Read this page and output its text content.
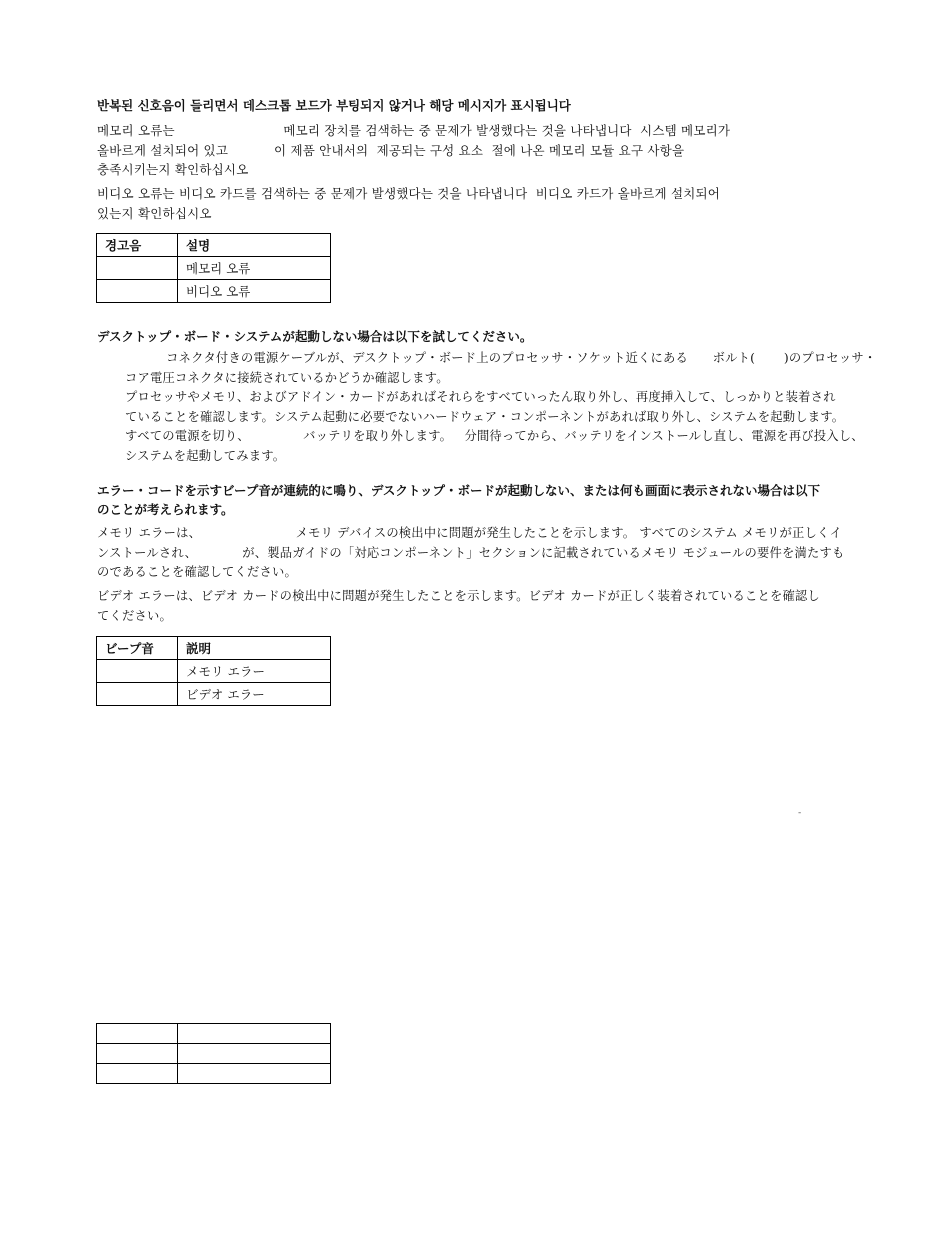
반복된 신호음이 들리면서 데스크톱 보드가 부팅되지 않거나 해당 메시지가 표시됩니다
메모리 오류는                          메모리 장치를 검색하는 중 문제가 발생했다는 것을 나타냅니다  시스템 메모리가
올바르게 설치되어 있고           이 제품 안내서의  제공되는 구성 요소  절에 나온 메모리 모듈 요구 사항을
충족시키는지 확인하십시오
비디오 오류는 비디오 카드를 검색하는 중 문제가 발생했다는 것을 나타냅니다  비디오 카드가 올바르게 설치되어
있는지 확인하십시오
경고음	설명
	메모리 오류
	비디오 오류
デスクトップ・ボード・システムが起動しない場合は以下を試してください。
コネクタ付きの電源ケーブルが、デスクトップ・ボード上のプロセッサ・ソケット近くにある      ボルト(       )のプロセッサ・
コア電圧コネクタに接続されているかどうか確認します。
プロセッサやメモリ、およびアドイン・カードがあればそれらをすべていったん取り外し、再度挿入して、しっかりと装着され
ていることを確認します。システム起動に必要でないハードウェア・コンポーネントがあれば取り外し、システムを起動します。
すべての電源を切り、             バッテリを取り外します。   分間待ってから、バッテリをインストールし直し、電源を再び投入し、
システムを起動してみます。
エラー・コードを示すビープ音が連続的に鳴り、デスクトップ・ボードが起動しない、または何も画面に表示されない場合は以下
のことが考えられます。
メモリ エラーは、                       メモリ デバイスの検出中に問題が発生したことを示します。 すべてのシステム メモリが正しくイ
ンストールされ、           が、製品ガイドの「対応コンポーネント」セクションに記載されているメモリ モジュールの要件を満たすも
のであることを確認してください。
ビデオ エラーは、ビデオ カードの検出中に問題が発生したことを示します。ビデオ カードが正しく装着されていることを確認し
てください。
ビープ音	説明
	メモリ エラー
	ビデオ エラー
-
